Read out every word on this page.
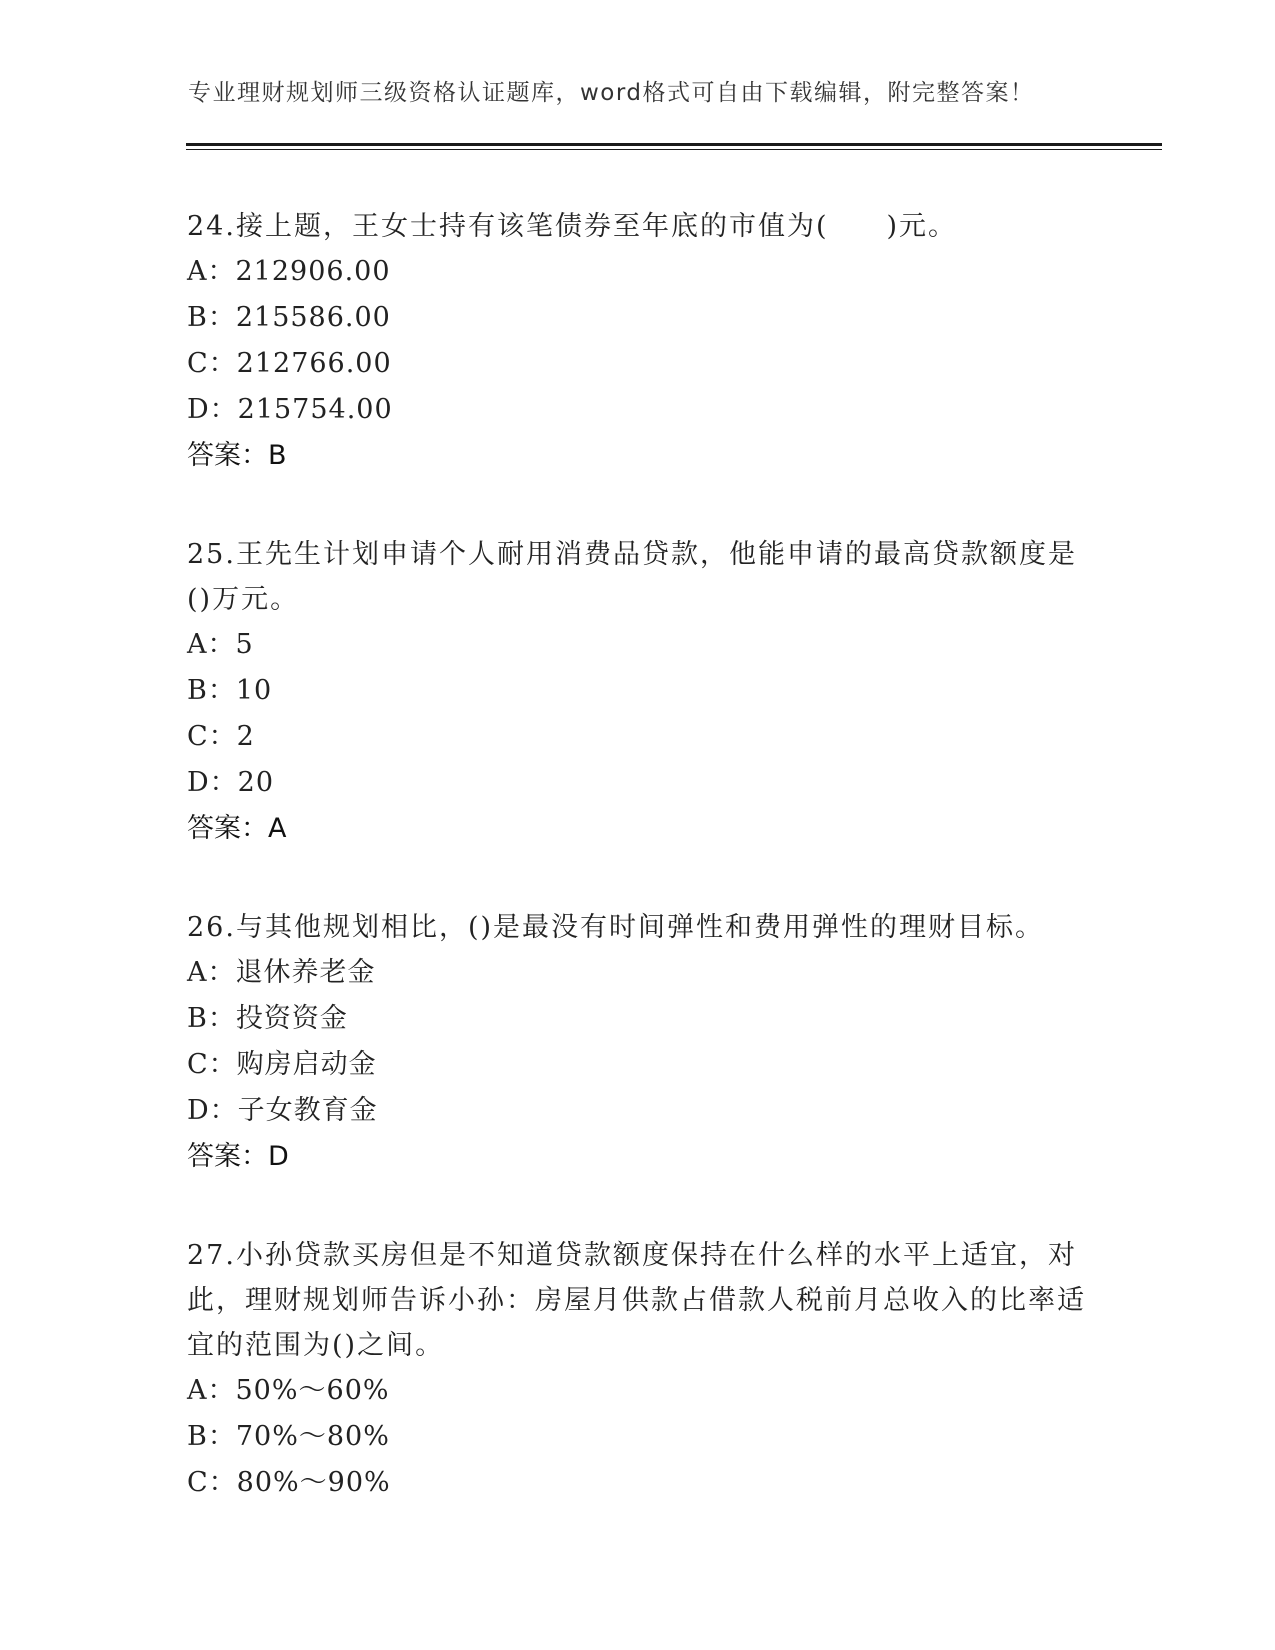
专业理财规划师三级资格认证题库，word格式可自由下载编辑，附完整答案！

24.接上题，王女士持有该笔债券至年底的市值为(　　)元。

A：212906.00

B：215586.00

C：212766.00

D：215754.00

答案：B

25.王先生计划申请个人耐用消费品贷款，他能申请的最高贷款额度是()万元。

A：5

B：10

C：2

D：20

答案：A

26.与其他规划相比，()是最没有时间弹性和费用弹性的理财目标。

A：退休养老金

B：投资资金

C：购房启动金

D：子女教育金

答案：D

27.小孙贷款买房但是不知道贷款额度保持在什么样的水平上适宜，对此，理财规划师告诉小孙：房屋月供款占借款人税前月总收入的比率适宜的范围为()之间。

A：50%～60%

B：70%～80%

C：80%～90%
